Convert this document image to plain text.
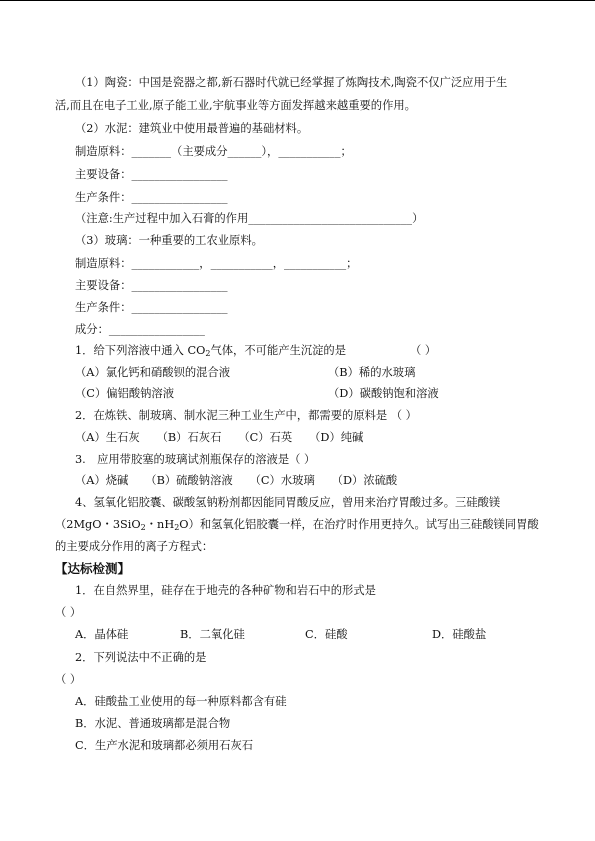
（1）陶瓷：中国是瓷器之都,新石器时代就已经掌握了炼陶技术,陶瓷不仅广泛应用于生
活,而且在电子工业,原子能工业,宇航事业等方面发挥越来越重要的作用。
（2）水泥：建筑业中使用最普遍的基础材料。
制造原料：_______（主要成分______），___________；
主要设备：_________________
生产条件：_________________
（注意:生产过程中加入石膏的作用_____________________________）
（3）玻璃：一种重要的工农业原料。
制造原料：____________，___________，___________；
主要设备：_________________
生产条件：_________________
成分：_________________
1．给下列溶液中通入 $CO_2$气体，不可能产生沉淀的是	（ ）
（A）氯化钙和硝酸钡的混合液	（B）稀的水玻璃
（C）偏铝酸钠溶液	（D）碳酸钠饱和溶液
2．在炼铁、制玻璃、制水泥三种工业生产中，都需要的原料是 （ ）
（A）生石灰　　（B）石灰石　　（C）石英　　（D）纯碱
3.　应用带胶塞的玻璃试剂瓶保存的溶液是（ ）
（A）烧碱　　（B）硫酸钠溶液　　（C）水玻璃　　（D）浓硫酸
4、氢氧化铝胶囊、碳酸氢钠粉剂都因能同胃酸反应，曾用来治疗胃酸过多。三硅酸镁
（2MgO・3SiO$_2$・$nH_2O$）和氢氧化铝胶囊一样，在治疗时作用更持久。试写出三硅酸镁同胃酸
的主要成分作用的离子方程式：
【达标检测】
1．在自然界里，硅存在于地壳的各种矿物和岩石中的形式是
（ ）
A．晶体硅	B．二氧化硅	C．硅酸	D．硅酸盐
2．下列说法中不正确的是
（ ）
A．硅酸盐工业使用的每一种原料都含有硅
B．水泥、普通玻璃都是混合物
C．生产水泥和玻璃都必须用石灰石
